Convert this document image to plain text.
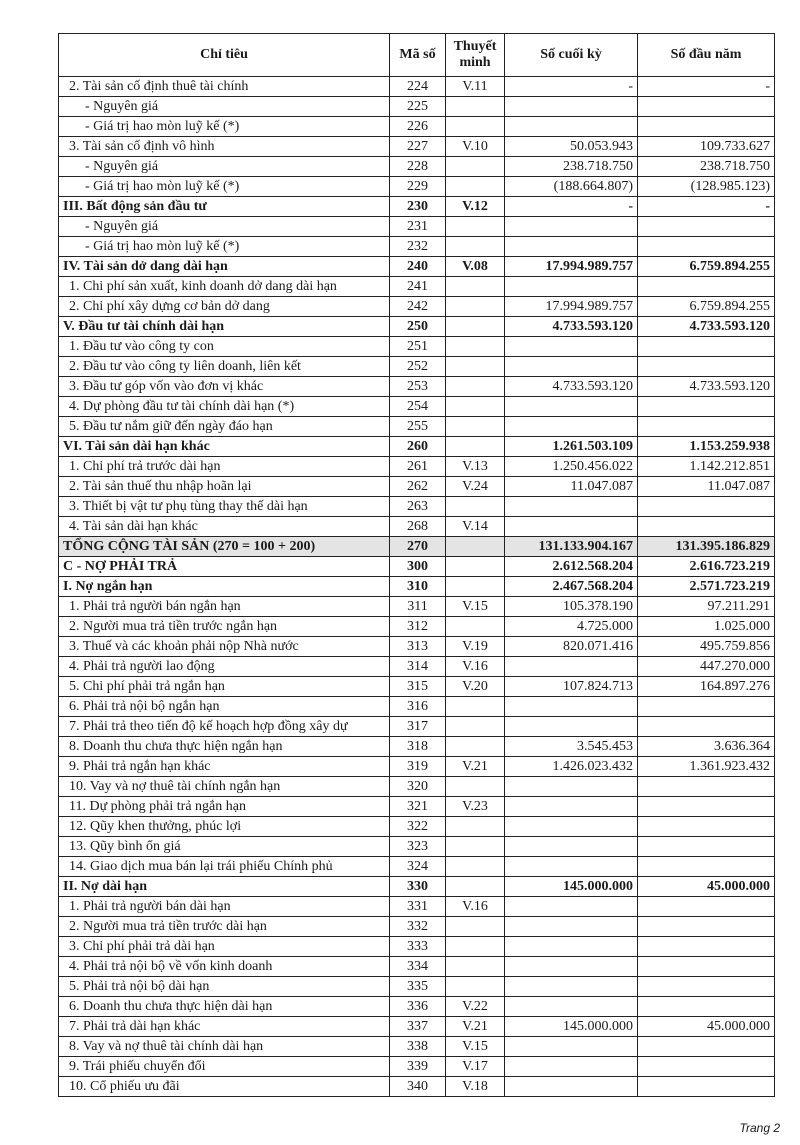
Chỉ tiêu	Mã số	Thuyết minh	Số cuối kỳ	Số đầu năm
2. Tài sản cố định thuê tài chính	224	V.11	-	-
- Nguyên giá	225			
- Giá trị hao mòn luỹ kế (*)	226			
3. Tài sản cố định vô hình	227	V.10	50.053.943	109.733.627
- Nguyên giá	228		238.718.750	238.718.750
- Giá trị hao mòn luỹ kế (*)	229		(188.664.807)	(128.985.123)
III. Bất động sản đầu tư	230	V.12	-	-
- Nguyên giá	231			
- Giá trị hao mòn luỹ kế (*)	232			
IV. Tài sản dở dang dài hạn	240	V.08	17.994.989.757	6.759.894.255
1. Chi phí sản xuất, kinh doanh dở dang dài hạn	241			
2. Chi phí xây dựng cơ bản dở dang	242		17.994.989.757	6.759.894.255
V. Đầu tư tài chính dài hạn	250		4.733.593.120	4.733.593.120
1. Đầu tư vào công ty con	251			
2. Đầu tư vào công ty liên doanh, liên kết	252			
3. Đầu tư góp vốn vào đơn vị khác	253		4.733.593.120	4.733.593.120
4. Dự phòng đầu tư tài chính dài hạn (*)	254			
5. Đầu tư nắm giữ đến ngày đáo hạn	255			
VI. Tài sản dài hạn khác	260		1.261.503.109	1.153.259.938
1. Chi phí trả trước dài hạn	261	V.13	1.250.456.022	1.142.212.851
2. Tài sản thuế thu nhập hoãn lại	262	V.24	11.047.087	11.047.087
3. Thiết bị vật tư phụ tùng thay thế dài hạn	263			
4. Tài sản dài hạn khác	268	V.14		
TỔNG CỘNG TÀI SẢN (270 = 100 + 200)	270		131.133.904.167	131.395.186.829
C - NỢ PHẢI TRẢ	300		2.612.568.204	2.616.723.219
I. Nợ ngắn hạn	310		2.467.568.204	2.571.723.219
1. Phải trả người bán ngắn hạn	311	V.15	105.378.190	97.211.291
2. Người mua trả tiền trước ngắn hạn	312		4.725.000	1.025.000
3. Thuế và các khoản phải nộp Nhà nước	313	V.19	820.071.416	495.759.856
4. Phải trả người lao động	314	V.16		447.270.000
5. Chi phí phải trả ngắn hạn	315	V.20	107.824.713	164.897.276
6. Phải trả nội bộ ngắn hạn	316			
7. Phải trả theo tiến độ kế hoạch hợp đồng xây dự	317			
8. Doanh thu chưa thực hiện ngắn hạn	318		3.545.453	3.636.364
9. Phải trả ngắn hạn khác	319	V.21	1.426.023.432	1.361.923.432
10. Vay và nợ thuê tài chính ngắn hạn	320			
11. Dự phòng phải trả ngắn hạn	321	V.23		
12. Qũy khen thưởng, phúc lợi	322			
13. Qũy bình ổn giá	323			
14. Giao dịch mua bán lại trái phiếu Chính phủ	324			
II. Nợ dài hạn	330		145.000.000	45.000.000
1. Phải trả người bán dài hạn	331	V.16		
2. Người mua trả tiền trước dài hạn	332			
3. Chi phí phải trả dài hạn	333			
4. Phải trả nội bộ về vốn kinh doanh	334			
5. Phải trả nội bộ dài hạn	335			
6. Doanh thu chưa thực hiện dài hạn	336	V.22		
7. Phải trả dài hạn khác	337	V.21	145.000.000	45.000.000
8. Vay và nợ thuê tài chính dài hạn	338	V.15		
9. Trái phiếu chuyển đổi	339	V.17		
10. Cổ phiếu ưu đãi	340	V.18		
Trang 2
